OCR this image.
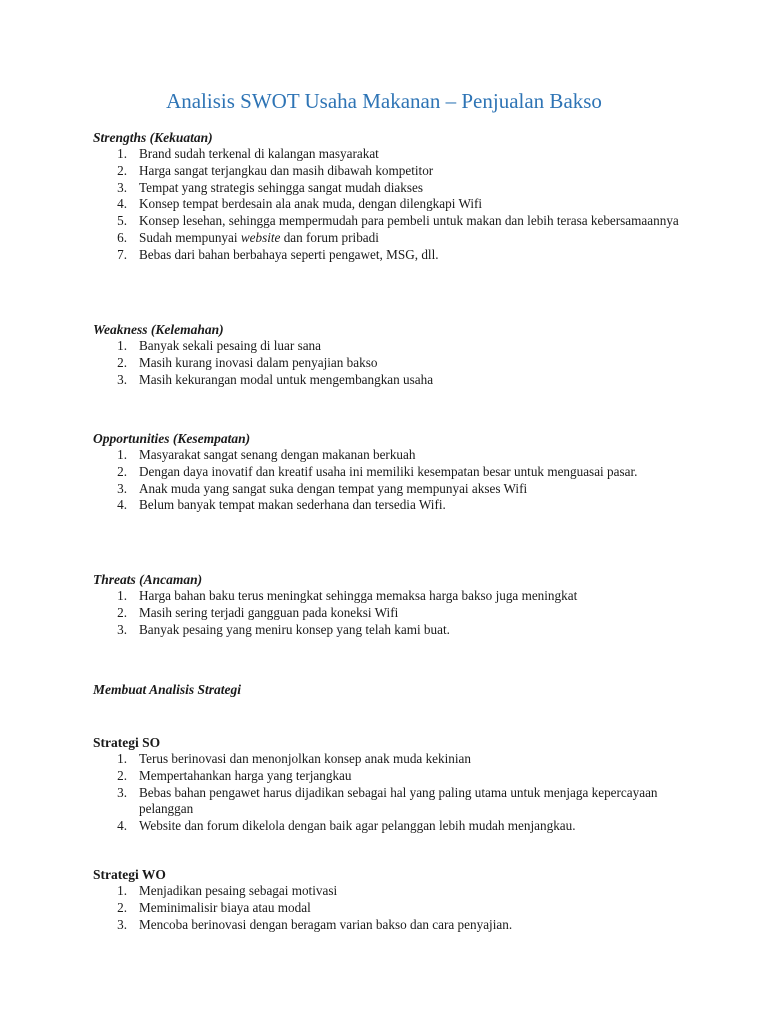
Analisis SWOT Usaha Makanan – Penjualan Bakso

Strengths (Kekuatan)

1. Brand sudah terkenal di kalangan masyarakat
2. Harga sangat terjangkau dan masih dibawah kompetitor
3. Tempat yang strategis sehingga sangat mudah diakses
4. Konsep tempat berdesain ala anak muda, dengan dilengkapi Wifi
5. Konsep lesehan, sehingga mempermudah para pembeli untuk makan dan lebih terasa kebersamaannya
6. Sudah mempunyai website dan forum pribadi
7. Bebas dari bahan berbahaya seperti pengawet, MSG, dll.

Weakness (Kelemahan)

1. Banyak sekali pesaing di luar sana
2. Masih kurang inovasi dalam penyajian bakso
3. Masih kekurangan modal untuk mengembangkan usaha

Opportunities (Kesempatan)

1. Masyarakat sangat senang dengan makanan berkuah
2. Dengan daya inovatif dan kreatif usaha ini memiliki kesempatan besar untuk menguasai pasar.
3. Anak muda yang sangat suka dengan tempat yang mempunyai akses Wifi
4. Belum banyak tempat makan sederhana dan tersedia Wifi.

Threats (Ancaman)

1. Harga bahan baku terus meningkat sehingga memaksa harga bakso juga meningkat
2. Masih sering terjadi gangguan pada koneksi Wifi
3. Banyak pesaing yang meniru konsep yang telah kami buat.

Membuat Analisis Strategi

Strategi SO

1. Terus berinovasi dan menonjolkan konsep anak muda kekinian
2. Mempertahankan harga yang terjangkau
3. Bebas bahan pengawet harus dijadikan sebagai hal yang paling utama untuk menjaga kepercayaan pelanggan
4. Website dan forum dikelola dengan baik agar pelanggan lebih mudah menjangkau.

Strategi WO

1. Menjadikan pesaing sebagai motivasi
2. Meminimalisir biaya atau modal
3. Mencoba berinovasi dengan beragam varian bakso dan cara penyajian.
